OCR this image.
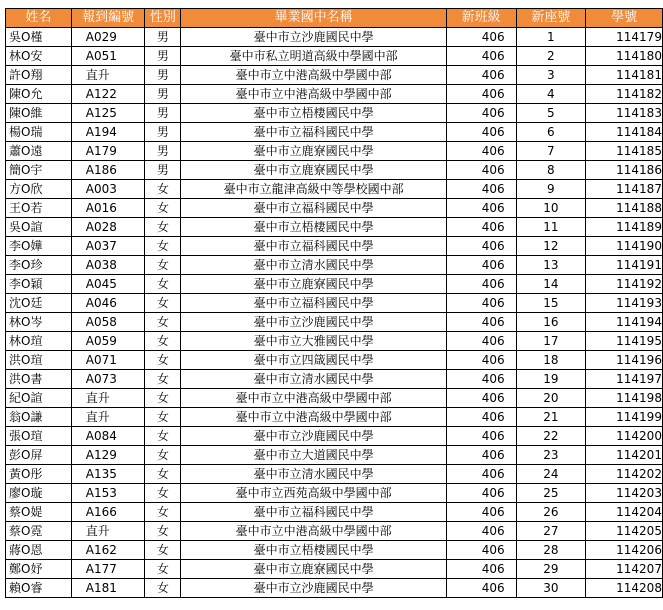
姓名	報到編號	性別	畢業國中名稱	新班級	新座號	學號
吳O槿	A029	男	臺中市立沙鹿國民中學	406	1	114179
林O安	A051	男	臺中市私立明道高級中學國中部	406	2	114180
許O翔	直升	男	臺中市立中港高級中學國中部	406	3	114181
陳O允	A122	男	臺中市立中港高級中學國中部	406	4	114182
陳O維	A125	男	臺中市立梧棲國民中學	406	5	114183
楊O瑞	A194	男	臺中市立福科國民中學	406	6	114184
蕭O遠	A179	男	臺中市立鹿寮國民中學	406	7	114185
簡O宇	A186	男	臺中市立鹿寮國民中學	406	8	114186
方O欣	A003	女	臺中市立龍津高級中等學校國中部	406	9	114187
王O若	A016	女	臺中市立福科國民中學	406	10	114188
吳O諠	A028	女	臺中市立梧棲國民中學	406	11	114189
李O嬅	A037	女	臺中市立福科國民中學	406	12	114190
李O珍	A038	女	臺中市立清水國民中學	406	13	114191
李O穎	A045	女	臺中市立鹿寮國民中學	406	14	114192
沈O廷	A046	女	臺中市立福科國民中學	406	15	114193
林O岑	A058	女	臺中市立沙鹿國民中學	406	16	114194
林O瑄	A059	女	臺中市立大雅國民中學	406	17	114195
洪O瑄	A071	女	臺中市立四箴國民中學	406	18	114196
洪O書	A073	女	臺中市立清水國民中學	406	19	114197
紀O諠	直升	女	臺中市立中港高級中學國中部	406	20	114198
翁O謙	直升	女	臺中市立中港高級中學國中部	406	21	114199
張O瑄	A084	女	臺中市立沙鹿國民中學	406	22	114200
彭O屏	A129	女	臺中市立大道國民中學	406	23	114201
黃O彤	A135	女	臺中市立清水國民中學	406	24	114202
廖O璇	A153	女	臺中市立西苑高級中學國中部	406	25	114203
蔡O媞	A166	女	臺中市立福科國民中學	406	26	114204
蔡O霓	直升	女	臺中市立中港高級中學國中部	406	27	114205
蔣O恩	A162	女	臺中市立梧棲國民中學	406	28	114206
鄭O妤	A177	女	臺中市立鹿寮國民中學	406	29	114207
賴O睿	A181	女	臺中市立沙鹿國民中學	406	30	114208
